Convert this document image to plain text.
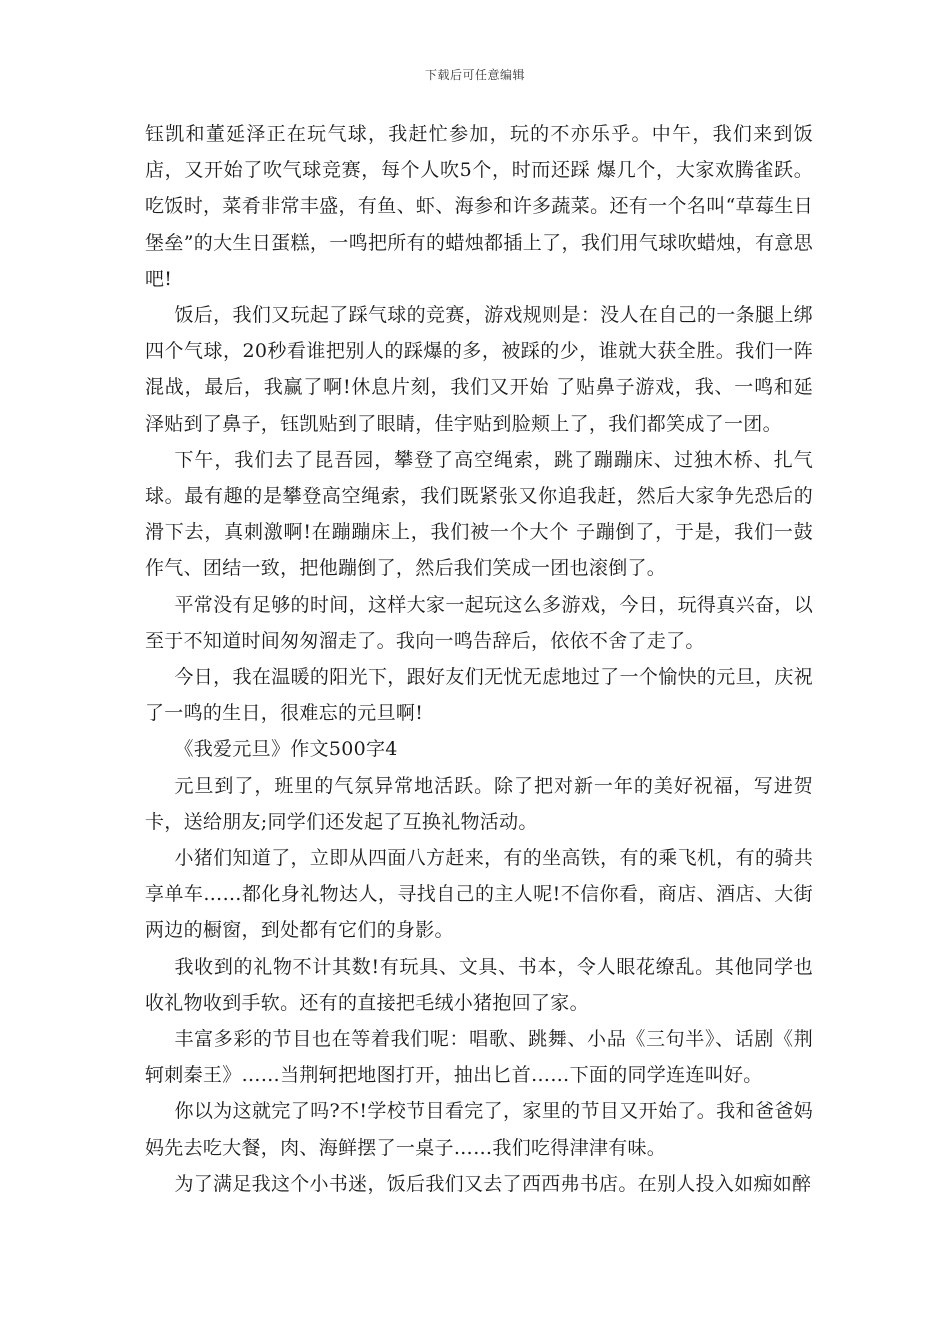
下载后可任意编辑

钰凯和董延泽正在玩气球，我赶忙参加，玩的不亦乐乎。中午，我们来到饭店，又开始了吹气球竞赛，每个人吹5个，时而还踩 爆几个，大家欢腾雀跃。吃饭时，菜肴非常丰盛，有鱼、虾、海参和许多蔬菜。还有一个名叫“草莓生日堡垒”的大生日蛋糕，一鸣把所有的蜡烛都插上了，我们用气球吹蜡烛，有意思吧!

饭后，我们又玩起了踩气球的竞赛，游戏规则是：没人在自己的一条腿上绑四个气球，20秒看谁把别人的踩爆的多，被踩的少，谁就大获全胜。我们一阵混战，最后，我赢了啊!休息片刻，我们又开始 了贴鼻子游戏，我、一鸣和延泽贴到了鼻子，钰凯贴到了眼睛，佳宇贴到脸颊上了，我们都笑成了一团。

下午，我们去了昆吾园，攀登了高空绳索，跳了蹦蹦床、过独木桥、扎气球。最有趣的是攀登高空绳索，我们既紧张又你追我赶，然后大家争先恐后的滑下去，真刺激啊!在蹦蹦床上，我们被一个大个 子蹦倒了，于是，我们一鼓作气、团结一致，把他蹦倒了，然后我们笑成一团也滚倒了。

平常没有足够的时间，这样大家一起玩这么多游戏，今日，玩得真兴奋，以至于不知道时间匆匆溜走了。我向一鸣告辞后，依依不舍了走了。

今日，我在温暖的阳光下，跟好友们无忧无虑地过了一个愉快的元旦，庆祝了一鸣的生日，很难忘的元旦啊!

《我爱元旦》作文500字4

元旦到了，班里的气氛异常地活跃。除了把对新一年的美好祝福，写进贺卡，送给朋友;同学们还发起了互换礼物活动。

小猪们知道了，立即从四面八方赶来，有的坐高铁，有的乘飞机，有的骑共享单车……都化身礼物达人，寻找自己的主人呢!不信你看，商店、酒店、大街两边的橱窗，到处都有它们的身影。

我收到的礼物不计其数!有玩具、文具、书本，令人眼花缭乱。其他同学也收礼物收到手软。还有的直接把毛绒小猪抱回了家。

丰富多彩的节目也在等着我们呢：唱歌、跳舞、小品《三句半》、话剧《荆轲刺秦王》……当荆轲把地图打开，抽出匕首……下面的同学连连叫好。

你以为这就完了吗?不!学校节目看完了，家里的节目又开始了。我和爸爸妈妈先去吃大餐，肉、海鲜摆了一桌子……我们吃得津津有味。

为了满足我这个小书迷，饭后我们又去了西西弗书店。在别人投入如痴如醉
